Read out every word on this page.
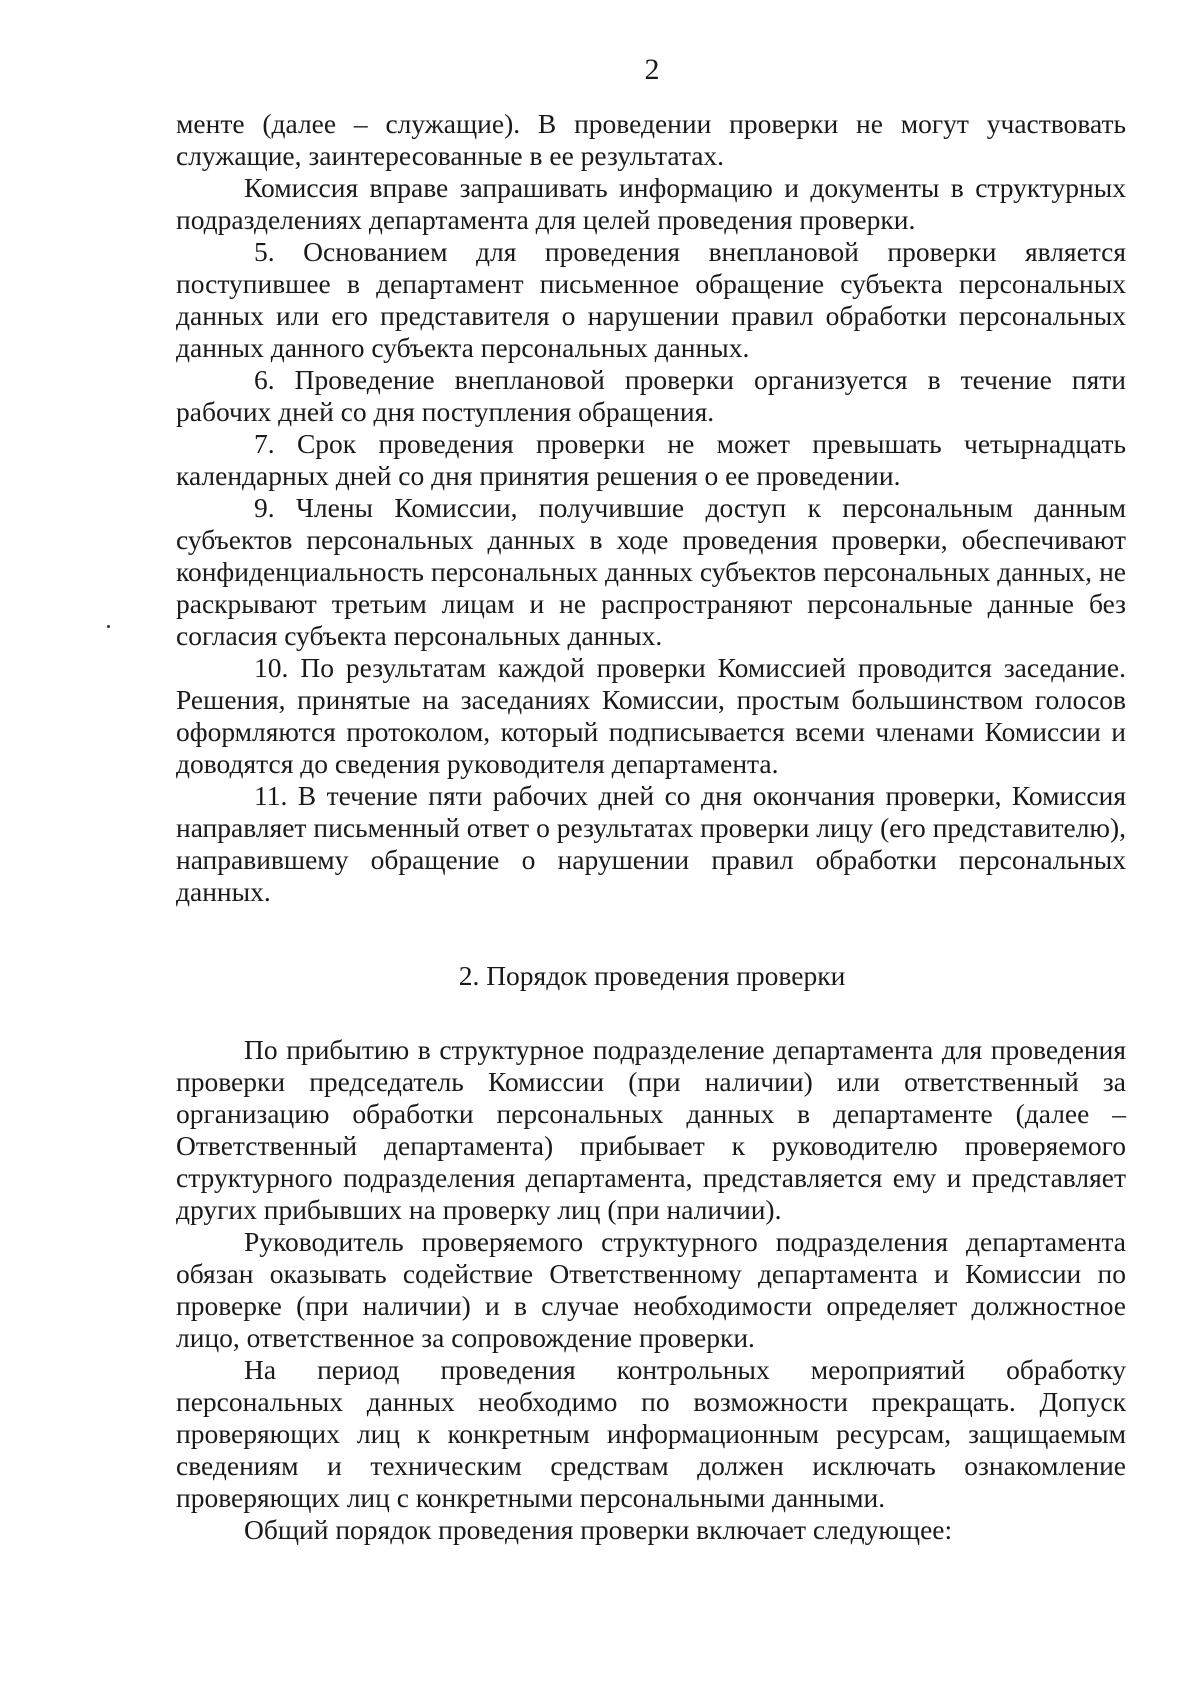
2

менте (далее – служащие). В проведении проверки не могут участвовать служащие, заинтересованные в ее результатах.

Комиссия вправе запрашивать информацию и документы в структурных подразделениях департамента для целей проведения проверки.

5. Основанием для проведения внеплановой проверки является поступившее в департамент письменное обращение субъекта персональных данных или его представителя о нарушении правил обработки персональных данных данного субъекта персональных данных.

6. Проведение внеплановой проверки организуется в течение пяти рабочих дней со дня поступления обращения.

7. Срок проведения проверки не может превышать четырнадцать календарных дней со дня принятия решения о ее проведении.

9. Члены Комиссии, получившие доступ к персональным данным субъектов персональных данных в ходе проведения проверки, обеспечивают конфиденциальность персональных данных субъектов персональных данных, не раскрывают третьим лицам и не распространяют персональные данные без согласия субъекта персональных данных.

10. По результатам каждой проверки Комиссией проводится заседание. Решения, принятые на заседаниях Комиссии, простым большинством голосов оформляются протоколом, который подписывается всеми членами Комиссии и доводятся до сведения руководителя департамента.

11. В течение пяти рабочих дней со дня окончания проверки, Комиссия направляет письменный ответ о результатах проверки лицу (его представителю), направившему обращение о нарушении правил обработки персональных данных.

2. Порядок проведения проверки

По прибытию в структурное подразделение департамента для проведения проверки председатель Комиссии (при наличии) или ответственный за организацию обработки персональных данных в департаменте (далее – Ответственный департамента) прибывает к руководителю проверяемого структурного подразделения департамента, представляется ему и представляет других прибывших на проверку лиц (при наличии).

Руководитель проверяемого структурного подразделения департамента обязан оказывать содействие Ответственному департамента и Комиссии по проверке (при наличии) и в случае необходимости определяет должностное лицо, ответственное за сопровождение проверки.

На период проведения контрольных мероприятий обработку персональных данных необходимо по возможности прекращать. Допуск проверяющих лиц к конкретным информационным ресурсам, защищаемым сведениям и техническим средствам должен исключать ознакомление проверяющих лиц с конкретными персональными данными.

Общий порядок проведения проверки включает следующее:
